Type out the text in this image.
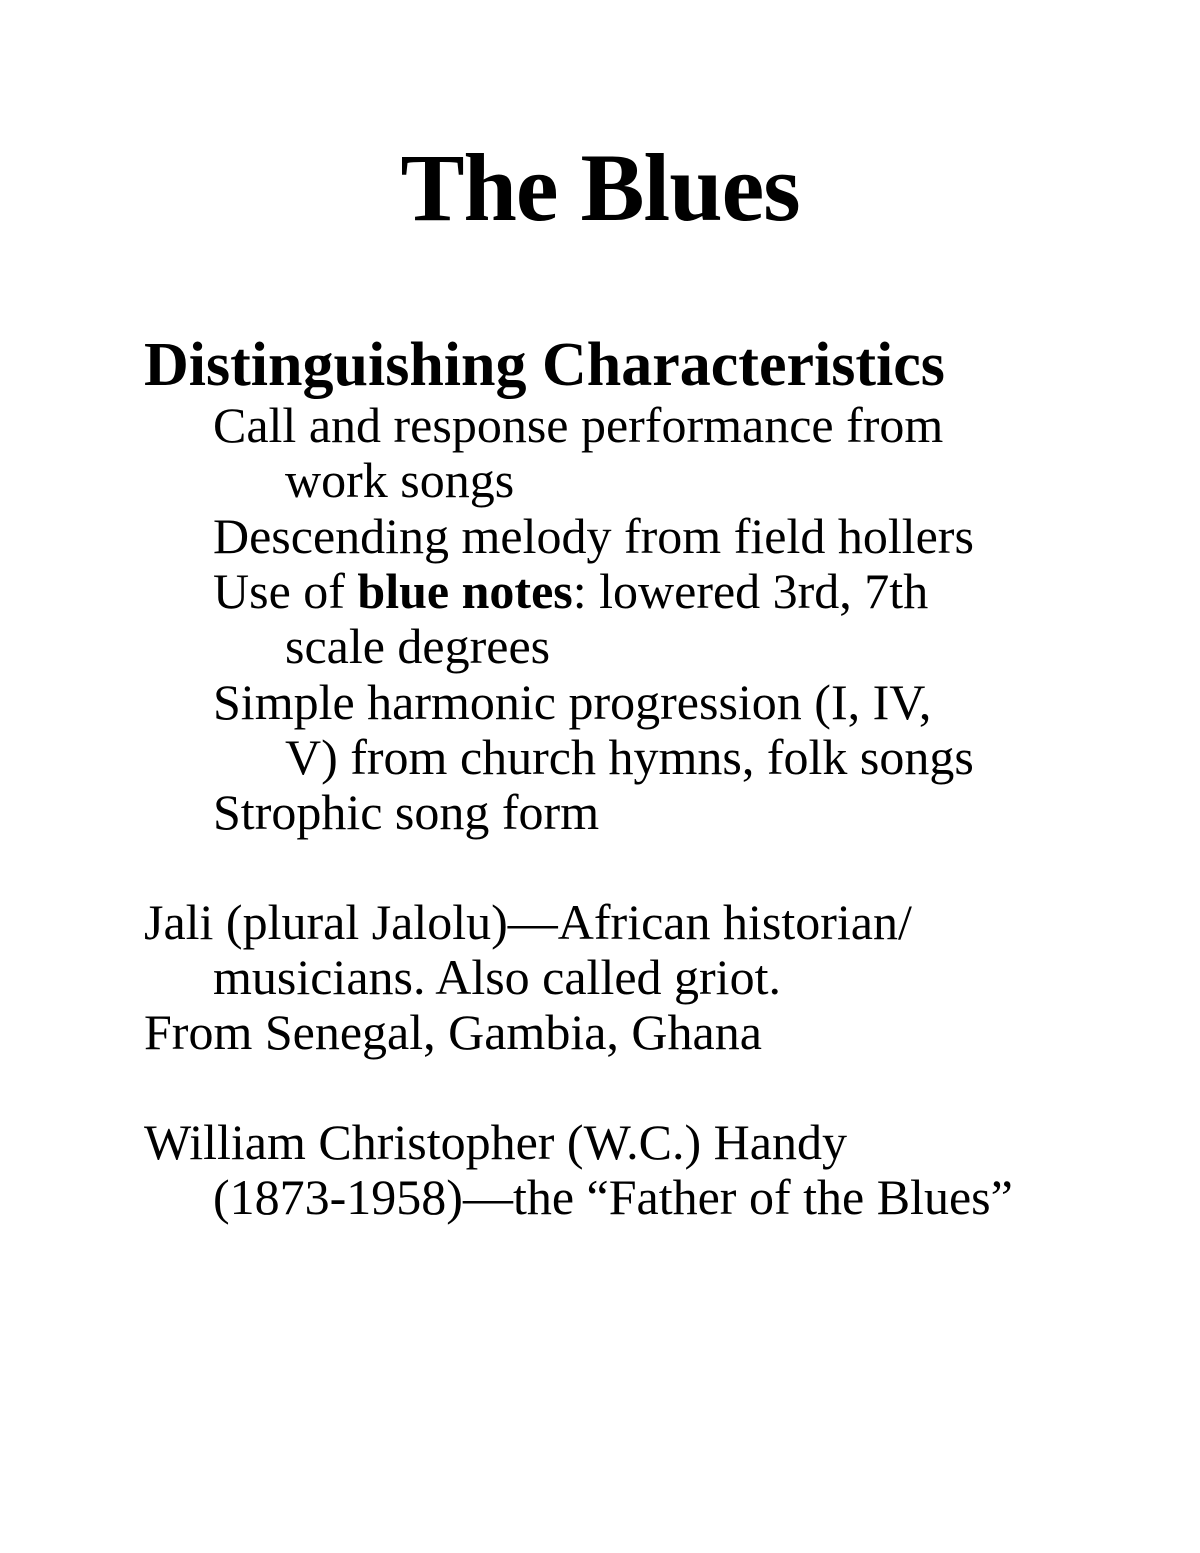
The Blues
Distinguishing Characteristics
Call and response performance from
work songs
Descending melody from field hollers
Use of blue notes: lowered 3rd, 7th
scale degrees
Simple harmonic progression (I, IV,
V) from church hymns, folk songs
Strophic song form
Jali (plural Jalolu)—African historian/
musicians. Also called griot.
From Senegal, Gambia, Ghana
William Christopher (W.C.) Handy
(1873-1958)—the “Father of the Blues”
